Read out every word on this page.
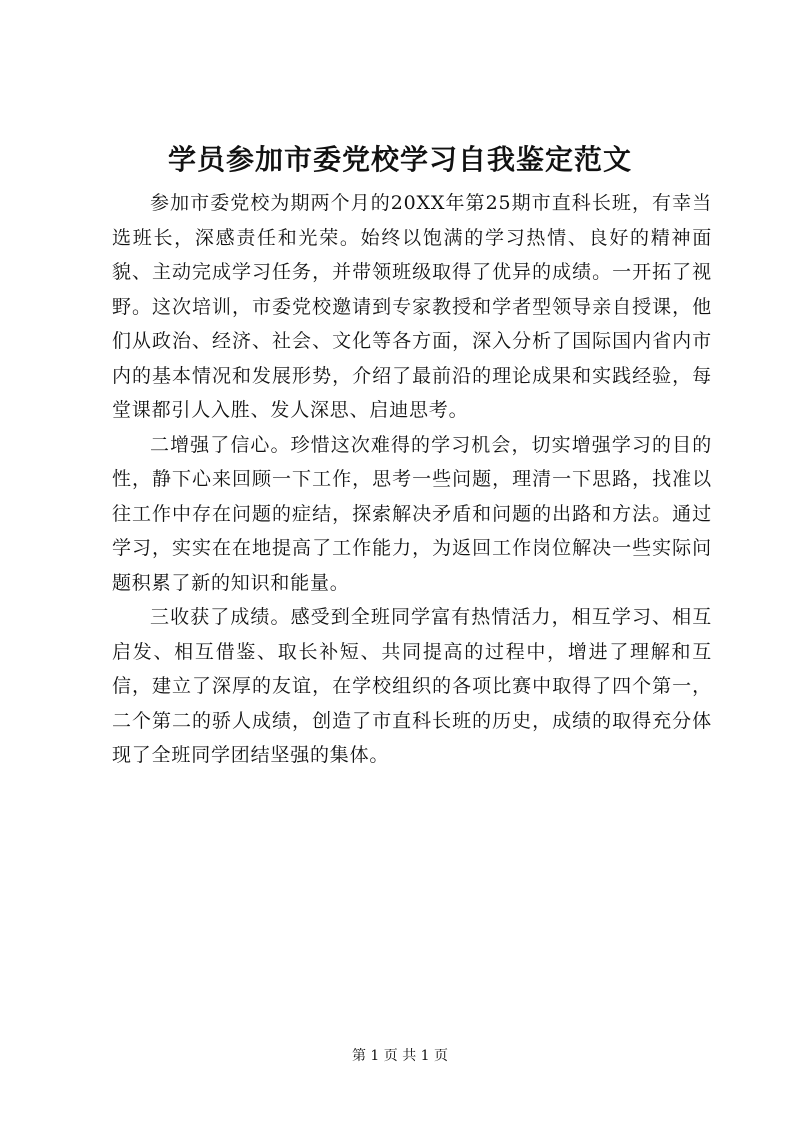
学员参加市委党校学习自我鉴定范文

参加市委党校为期两个月的20XX年第25期市直科长班，有幸当选班长，深感责任和光荣。始终以饱满的学习热情、良好的精神面貌、主动完成学习任务，并带领班级取得了优异的成绩。一开拓了视野。这次培训，市委党校邀请到专家教授和学者型领导亲自授课，他们从政治、经济、社会、文化等各方面，深入分析了国际国内省内市内的基本情况和发展形势，介绍了最前沿的理论成果和实践经验，每堂课都引人入胜、发人深思、启迪思考。

二增强了信心。珍惜这次难得的学习机会，切实增强学习的目的性，静下心来回顾一下工作，思考一些问题，理清一下思路，找准以往工作中存在问题的症结，探索解决矛盾和问题的出路和方法。通过学习，实实在在地提高了工作能力，为返回工作岗位解决一些实际问题积累了新的知识和能量。

三收获了成绩。感受到全班同学富有热情活力，相互学习、相互启发、相互借鉴、取长补短、共同提高的过程中，增进了理解和互信，建立了深厚的友谊，在学校组织的各项比赛中取得了四个第一，二个第二的骄人成绩，创造了市直科长班的历史，成绩的取得充分体现了全班同学团结坚强的集体。

第 1 页 共 1 页
